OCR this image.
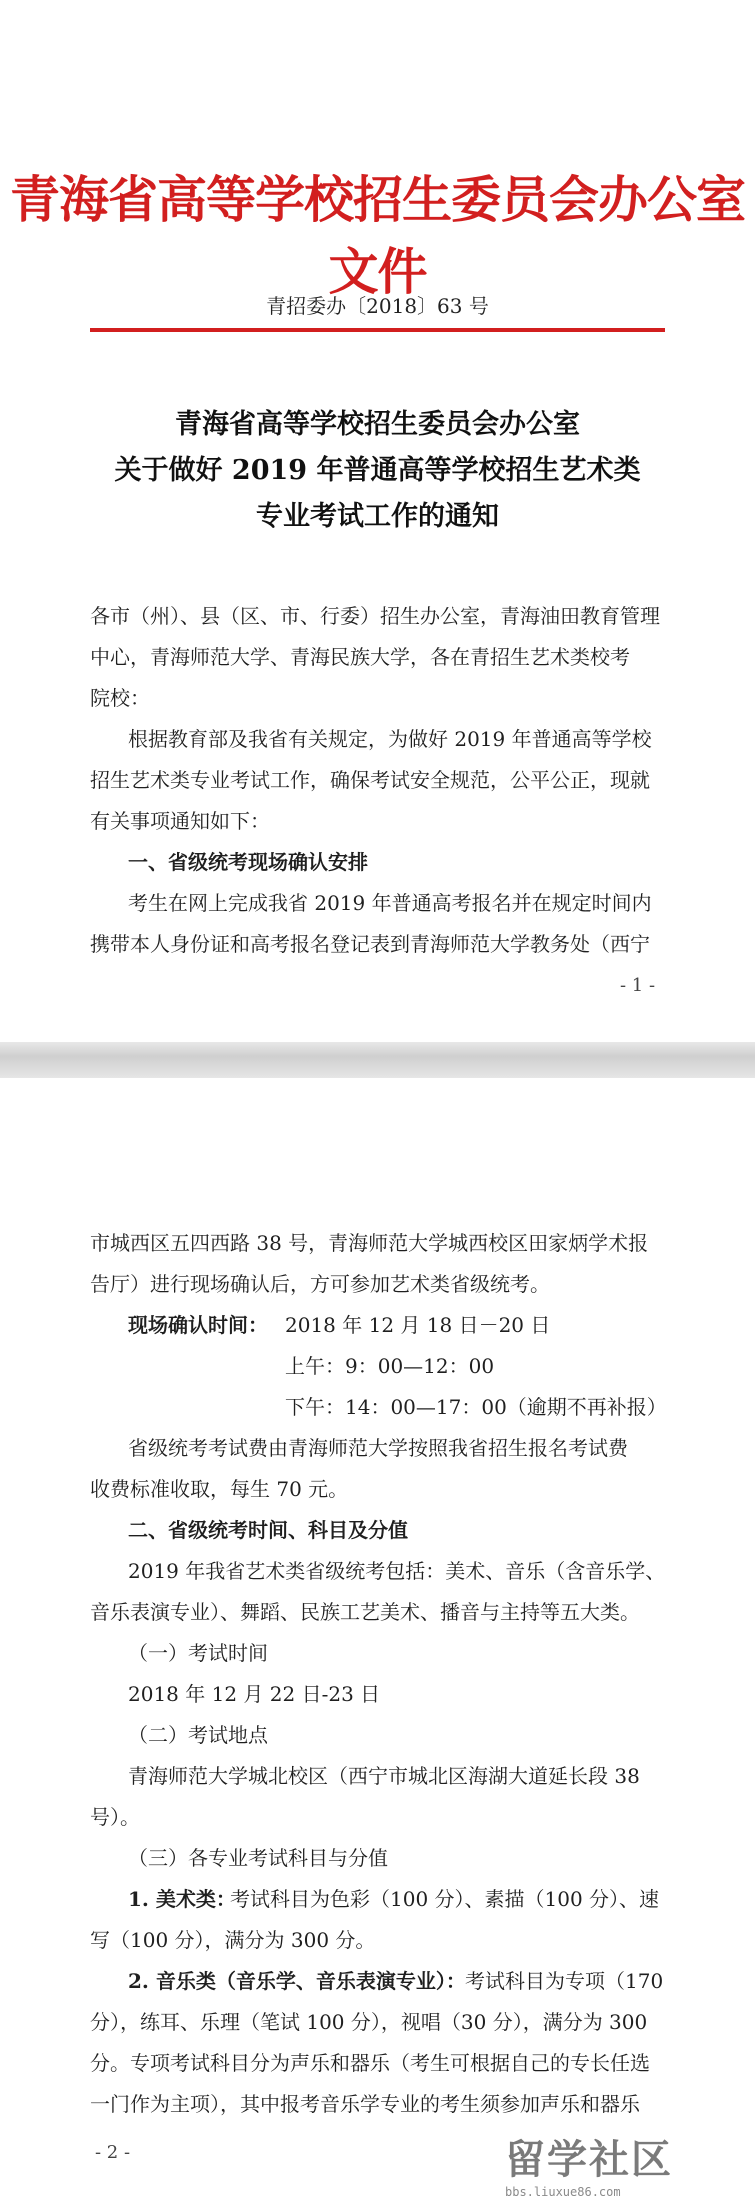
青海省高等学校招生委员会办公室文件
青招委办〔2018〕63 号
青海省高等学校招生委员会办公室
关于做好 2019 年普通高等学校招生艺术类
专业考试工作的通知
各市（州）、县（区、市、行委）招生办公室，青海油田教育管理
中心，青海师范大学、青海民族大学，各在青招生艺术类校考
院校：
根据教育部及我省有关规定，为做好 2019 年普通高等学校
招生艺术类专业考试工作，确保考试安全规范，公平公正，现就
有关事项通知如下：
一、省级统考现场确认安排
考生在网上完成我省 2019 年普通高考报名并在规定时间内
携带本人身份证和高考报名登记表到青海师范大学教务处（西宁
- 1 -
市城西区五四西路 38 号，青海师范大学城西校区田家炳学术报
告厅）进行现场确认后，方可参加艺术类省级统考。
现场确认时间： 2018 年 12 月 18 日－20 日
上午：9：00—12：00
下午：14：00—17：00（逾期不再补报）
省级统考考试费由青海师范大学按照我省招生报名考试费
收费标准收取，每生 70 元。
二、省级统考时间、科目及分值
2019 年我省艺术类省级统考包括：美术、音乐（含音乐学、
音乐表演专业）、舞蹈、民族工艺美术、播音与主持等五大类。
（一）考试时间
2018 年 12 月 22 日-23 日
（二）考试地点
青海师范大学城北校区（西宁市城北区海湖大道延长段 38
号）。
（三）各专业考试科目与分值
1. 美术类：
考试科目为色彩（100 分）、素描（100 分）、速
写（100 分），满分为 300 分。
2. 音乐类（音乐学、音乐表演专业）： 考试科目为专项（170
分），练耳、乐理（笔试 100 分），视唱（30 分），满分为 300
分。专项考试科目分为声乐和器乐（考生可根据自己的专长任选
一门作为主项），其中报考音乐学专业的考生须参加声乐和器乐
- 2 -	留学社区
bbs.liuxue86.com
